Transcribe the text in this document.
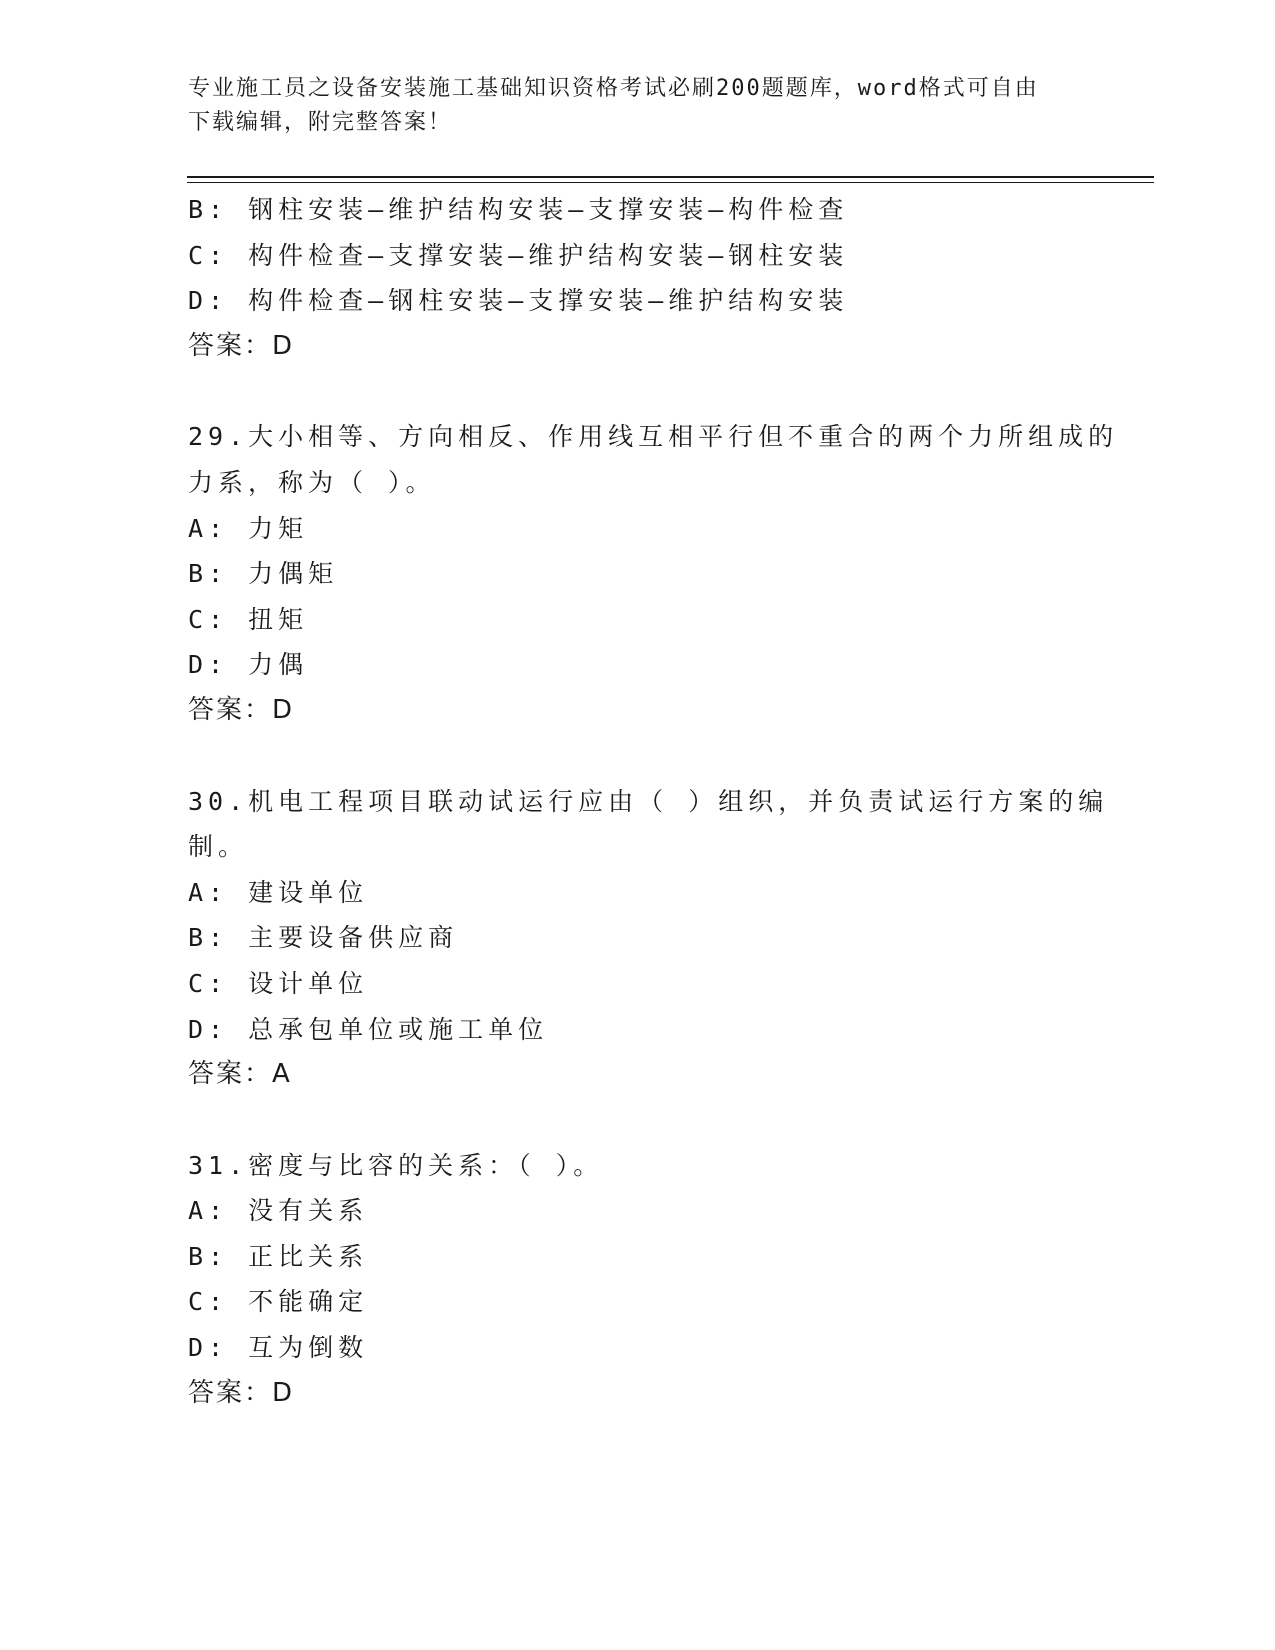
专业施工员之设备安装施工基础知识资格考试必刷200题题库，word格式可自由
下载编辑，附完整答案！
B: 钢柱安装—维护结构安装—支撑安装—构件检查
C: 构件检查—支撑安装—维护结构安装—钢柱安装
D: 构件检查—钢柱安装—支撑安装—维护结构安装
答案：D
29.大小相等、方向相反、作用线互相平行但不重合的两个力所组成的
力系，称为（ ）。
A: 力矩
B: 力偶矩
C: 扭矩
D: 力偶
答案：D
30.机电工程项目联动试运行应由（ ）组织，并负责试运行方案的编
制。
A: 建设单位
B: 主要设备供应商
C: 设计单位
D: 总承包单位或施工单位
答案：A
31.密度与比容的关系：（ ）。
A: 没有关系
B: 正比关系
C: 不能确定
D: 互为倒数
答案：D
